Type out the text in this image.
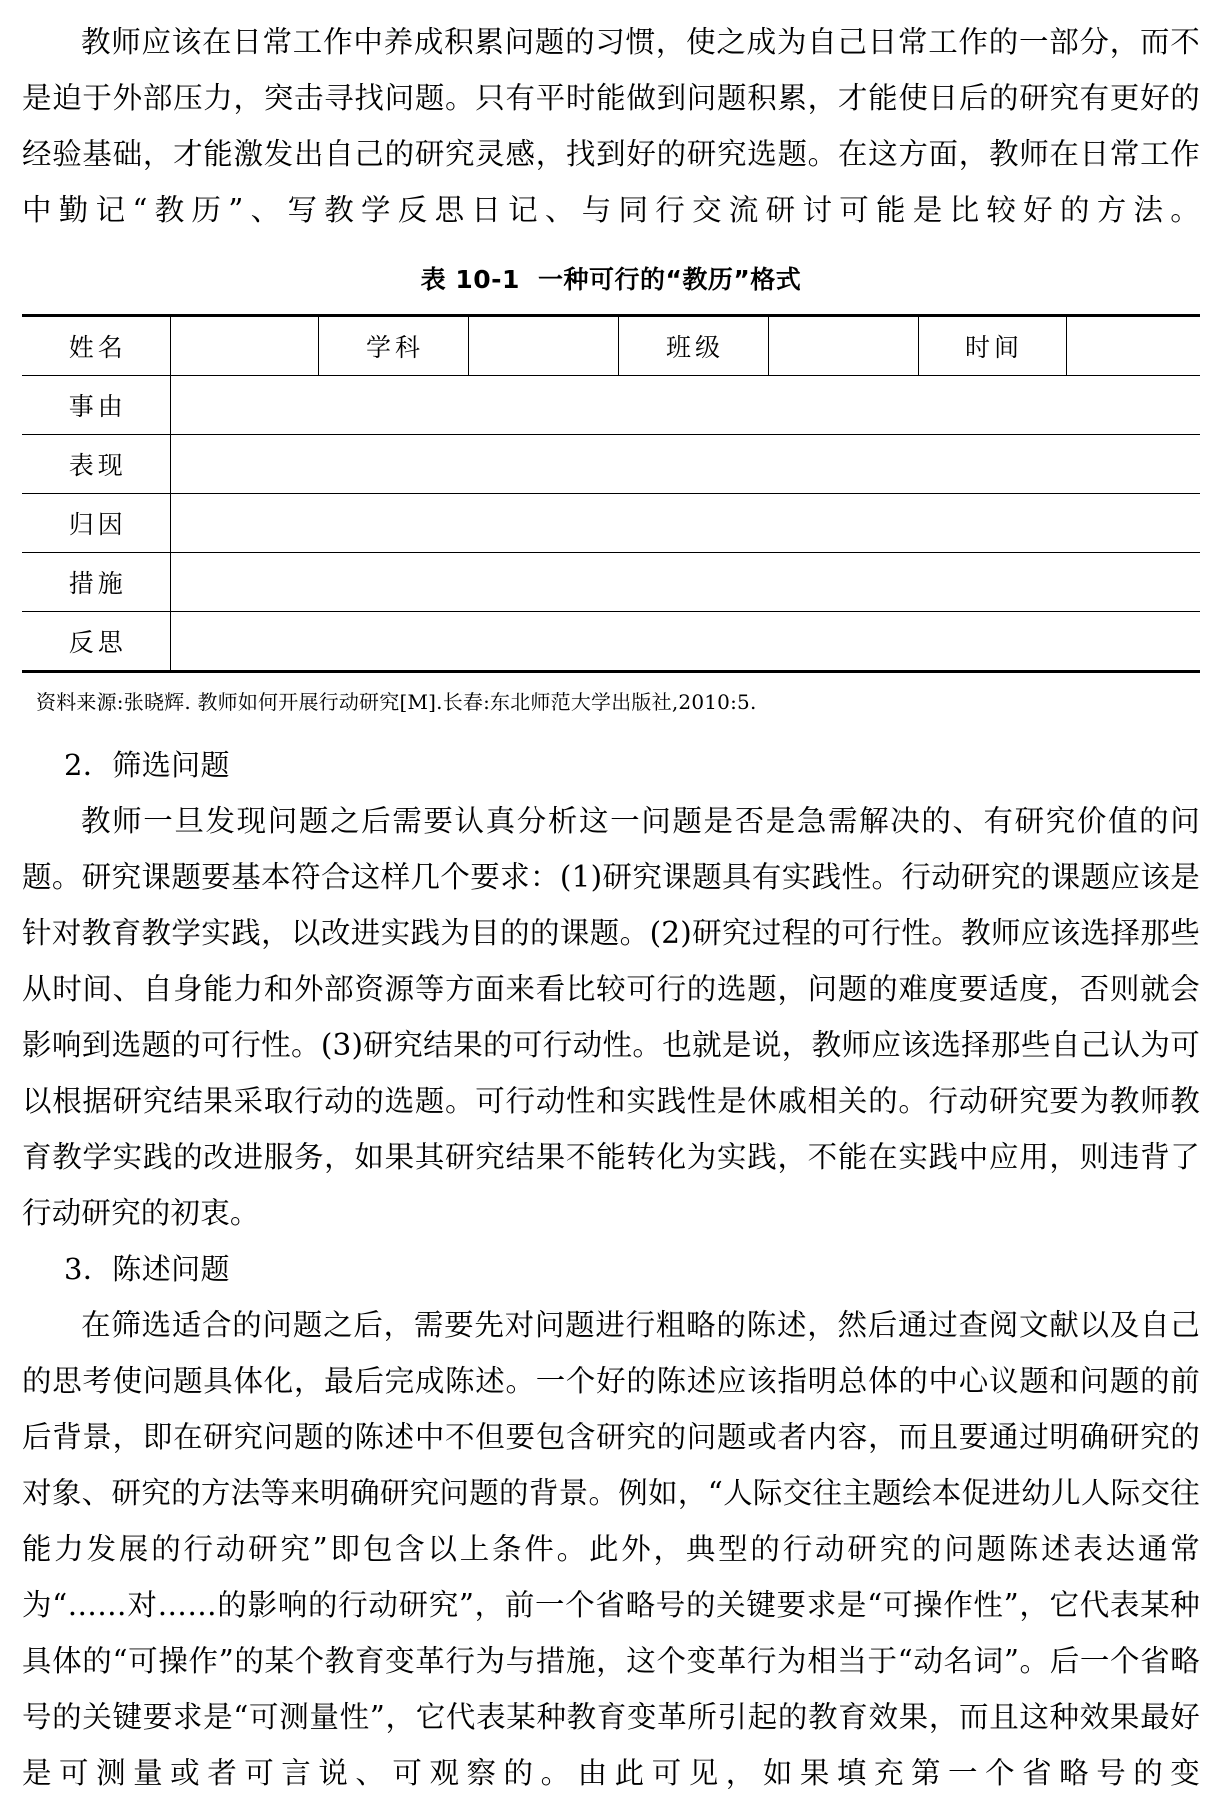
教师应该在日常工作中养成积累问题的习惯，使之成为自己日常工作的一部分，而不是迫于外部压力，突击寻找问题。只有平时能做到问题积累，才能使日后的研究有更好的经验基础，才能激发出自己的研究灵感，找到好的研究选题。在这方面，教师在日常工作中勤记“教历”、写教学反思日记、与同行交流研讨可能是比较好的方法。

表 10-1 一种可行的“教历”格式
姓名		学科		班级		时间	
事由							
表现							
归因							
措施							
反思							

资料来源:张晓辉. 教师如何开展行动研究[M].长春:东北师范大学出版社,2010:5.

2．筛选问题

教师一旦发现问题之后需要认真分析这一问题是否是急需解决的、有研究价值的问题。研究课题要基本符合这样几个要求：(1)研究课题具有实践性。行动研究的课题应该是针对教育教学实践，以改进实践为目的的课题。(2)研究过程的可行性。教师应该选择那些从时间、自身能力和外部资源等方面来看比较可行的选题，问题的难度要适度，否则就会影响到选题的可行性。(3)研究结果的可行动性。也就是说，教师应该选择那些自己认为可以根据研究结果采取行动的选题。可行动性和实践性是休戚相关的。行动研究要为教师教育教学实践的改进服务，如果其研究结果不能转化为实践，不能在实践中应用，则违背了行动研究的初衷。

3．陈述问题

在筛选适合的问题之后，需要先对问题进行粗略的陈述，然后通过查阅文献以及自己的思考使问题具体化，最后完成陈述。一个好的陈述应该指明总体的中心议题和问题的前后背景，即在研究问题的陈述中不但要包含研究的问题或者内容，而且要通过明确研究的对象、研究的方法等来明确研究问题的背景。例如，“人际交往主题绘本促进幼儿人际交往能力发展的行动研究”即包含以上条件。此外，典型的行动研究的问题陈述表达通常为“……对……的影响的行动研究”，前一个省略号的关键要求是“可操作性”，它代表某种具体的“可操作”的某个教育变革行为与措施，这个变革行为相当于“动名词”。后一个省略号的关键要求是“可测量性”，它代表某种教育变革所引起的教育效果，而且这种效果最好是可测量或者可言说、可观察的。由此可见，如果填充第一个省略号的变
